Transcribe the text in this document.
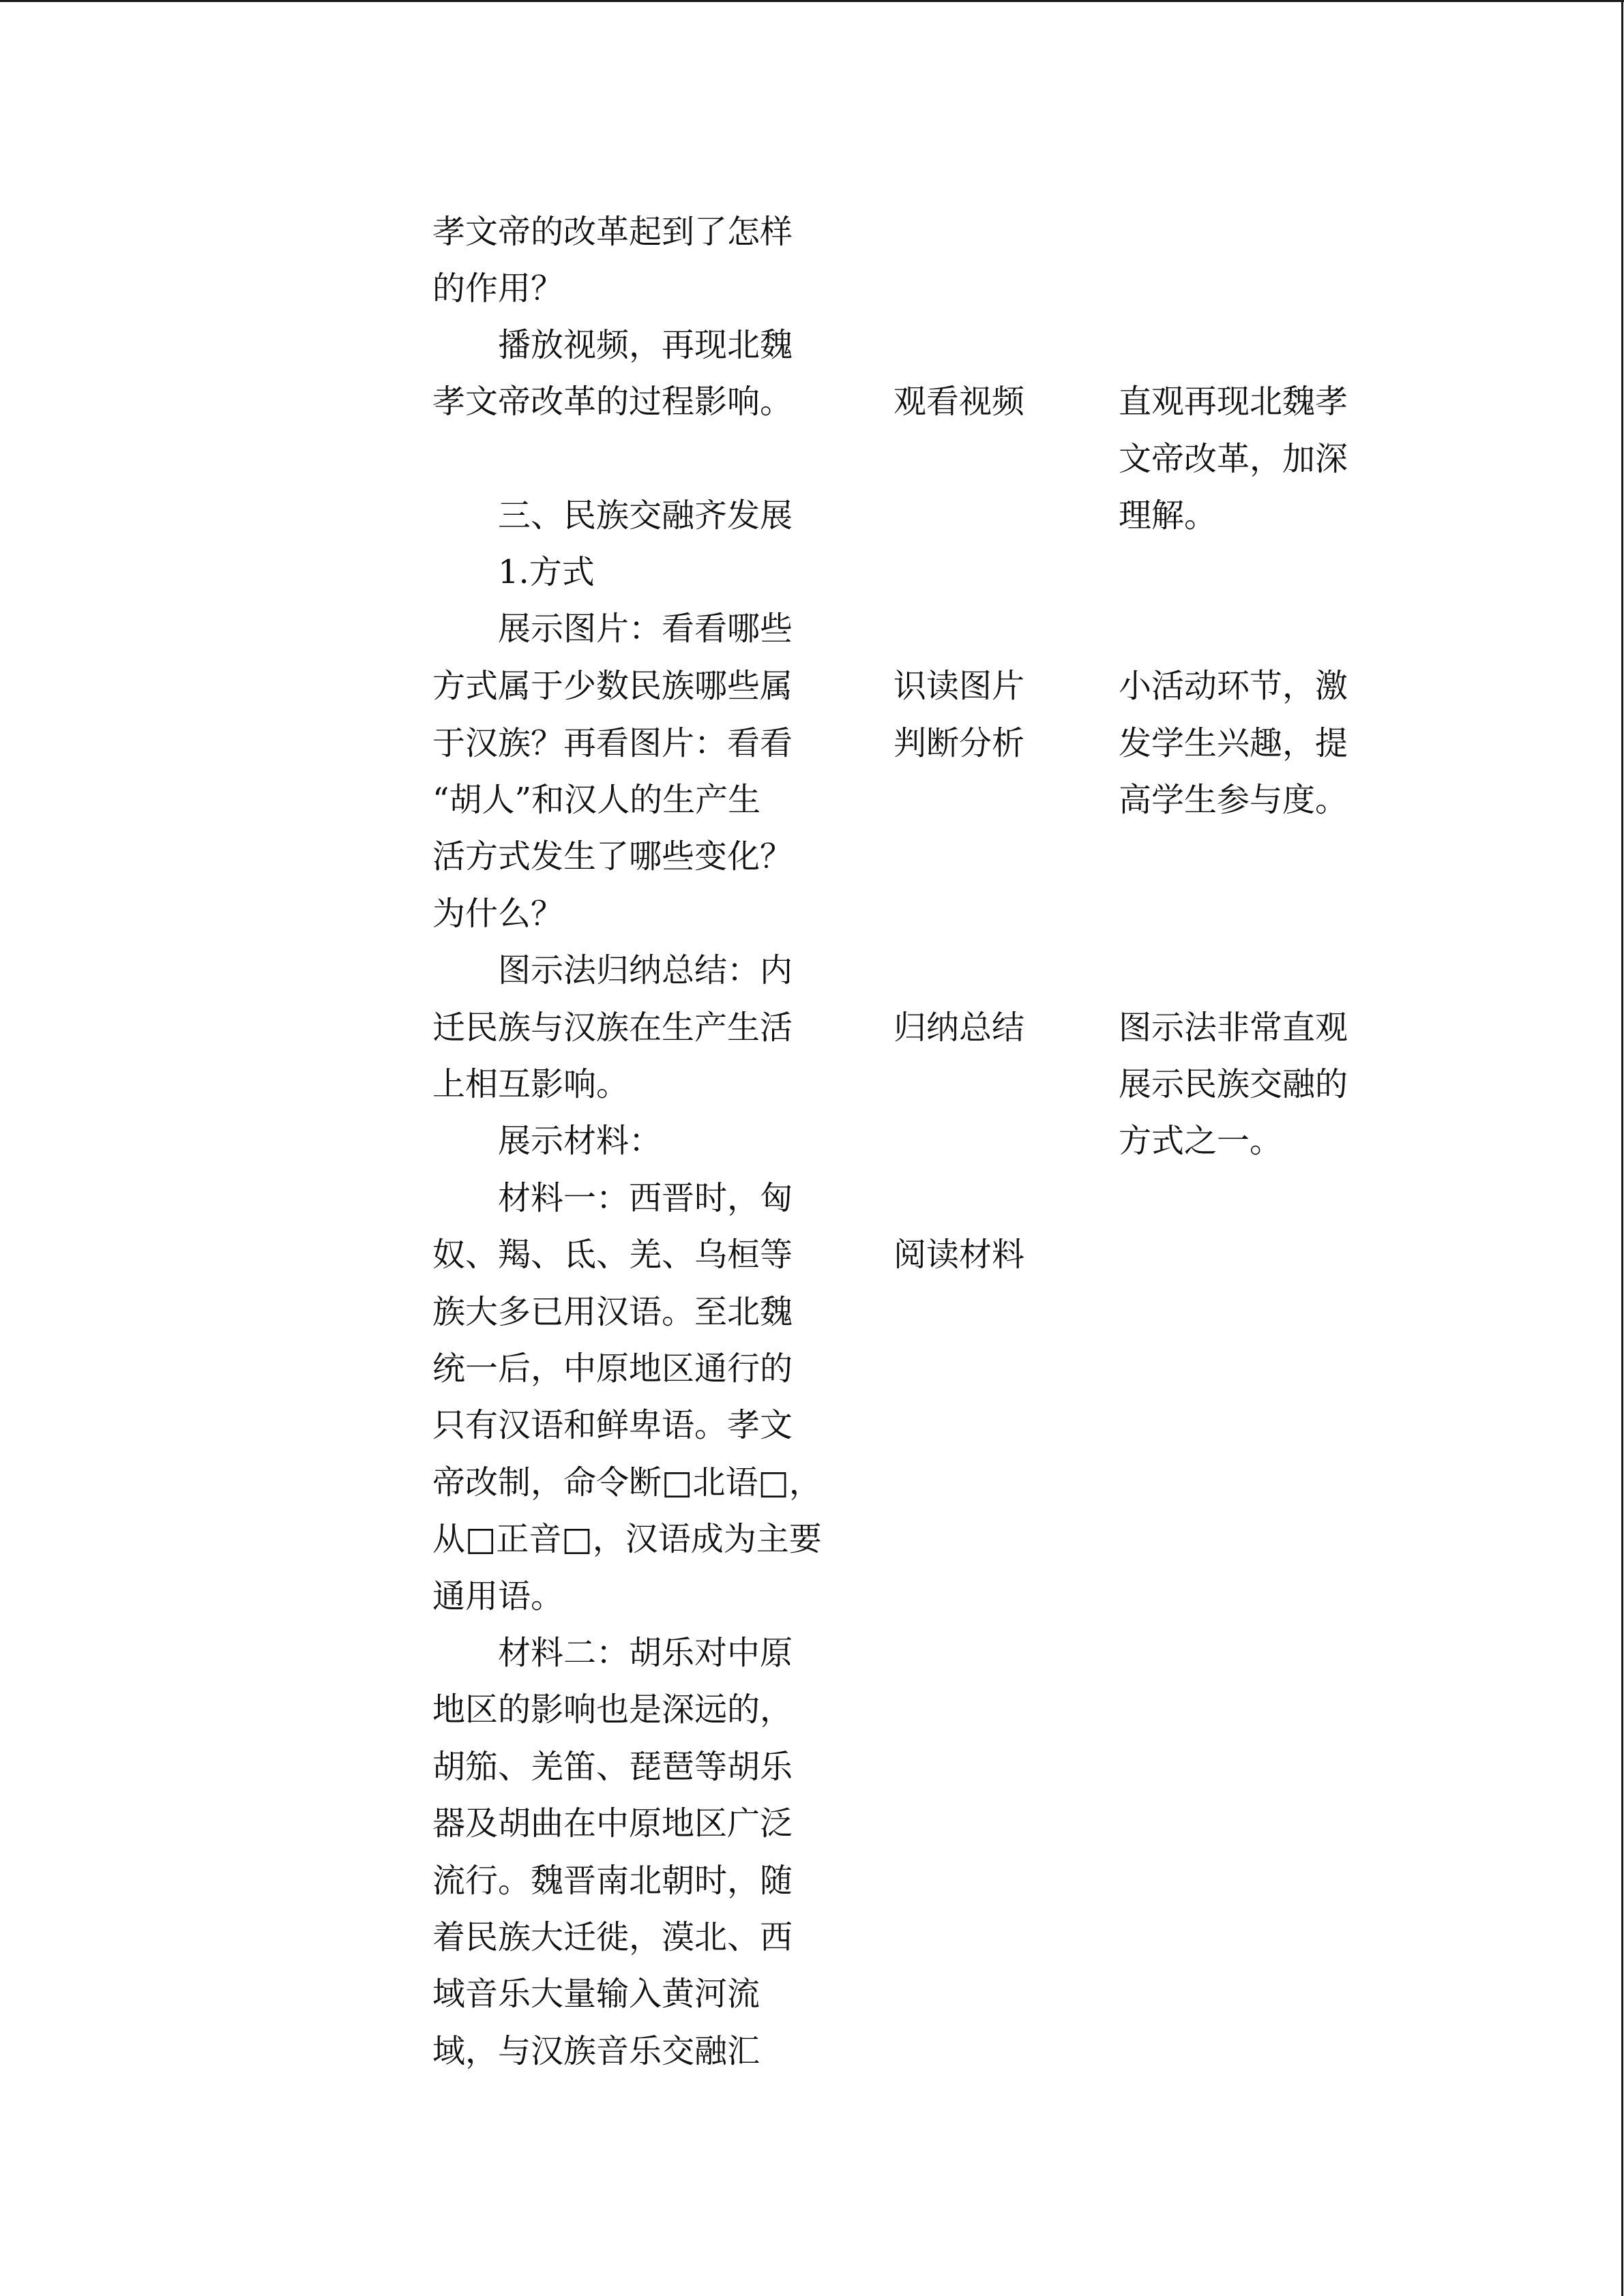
孝文帝的改革起到了怎样
的作用？
播放视频，再现北魏
孝文帝改革的过程影响。
三、民族交融齐发展
1.方式
展示图片：看看哪些
方式属于少数民族哪些属
于汉族？再看图片：看看
“胡人”和汉人的生产生
活方式发生了哪些变化？
为什么？
图示法归纳总结：内
迁民族与汉族在生产生活
上相互影响。
展示材料：
材料一：西晋时，匈
奴、羯、氐、羌、乌桓等
族大多已用汉语。至北魏
统一后，中原地区通行的
只有汉语和鲜卑语。孝文
帝改制，命令断□北语□，
从□正音□，汉语成为主要
通用语。
材料二：胡乐对中原
地区的影响也是深远的，
胡笳、羌笛、琵琶等胡乐
器及胡曲在中原地区广泛
流行。魏晋南北朝时，随
着民族大迁徙，漠北、西
域音乐大量输入黄河流
域，与汉族音乐交融汇
观看视频
识读图片
判断分析
归纳总结
阅读材料
直观再现北魏孝
文帝改革，加深
理解。
小活动环节，激
发学生兴趣，提
高学生参与度。
图示法非常直观
展示民族交融的
方式之一。
